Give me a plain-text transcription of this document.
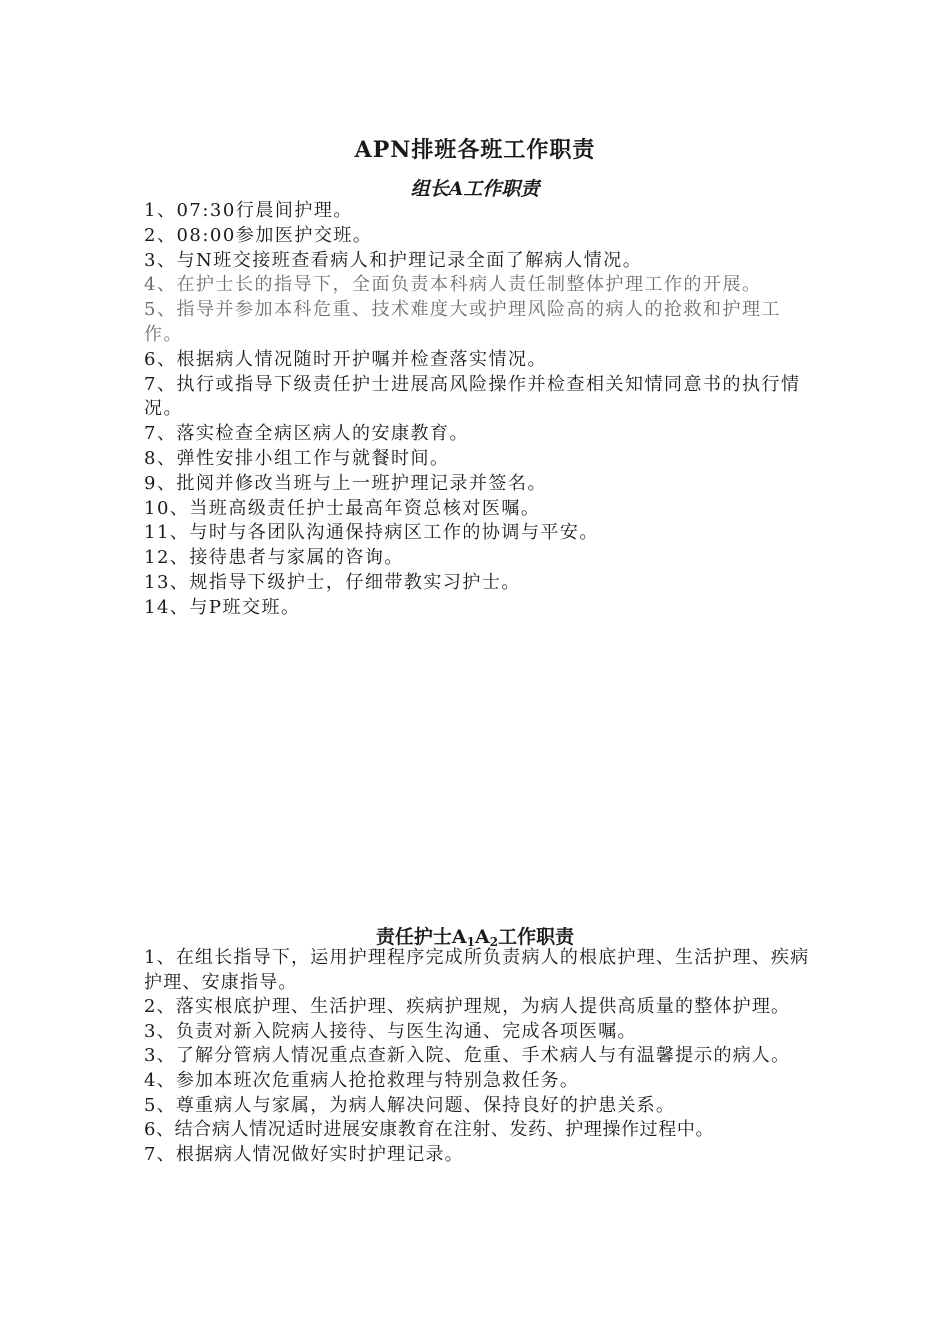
APN排班各班工作职责
组长A工作职责
1、07:30行晨间护理。
2、08:00参加医护交班。
3、与N班交接班查看病人和护理记录全面了解病人情况。
4、在护士长的指导下，全面负责本科病人责任制整体护理工作的开展。
5、指导并参加本科危重、技术难度大或护理风险高的病人的抢救和护理工作。
6、根据病人情况随时开护嘱并检查落实情况。
7、执行或指导下级责任护士进展高风险操作并检查相关知情同意书的执行情况。
7、落实检查全病区病人的安康教育。
8、弹性安排小组工作与就餐时间。
9、批阅并修改当班与上一班护理记录并签名。
10、当班高级责任护士最高年资总核对医嘱。
11、与时与各团队沟通保持病区工作的协调与平安。
12、接待患者与家属的咨询。
13、规指导下级护士，仔细带教实习护士。
14、与P班交班。
责任护士$A_1A_2$工作职责
1、在组长指导下，运用护理程序完成所负责病人的根底护理、生活护理、疾病护理、安康指导。
2、落实根底护理、生活护理、疾病护理规，为病人提供高质量的整体护理。
3、负责对新入院病人接待、与医生沟通、完成各项医嘱。
3、了解分管病人情况重点查新入院、危重、手术病人与有温馨提示的病人。
4、参加本班次危重病人抢抢救理与特别急救任务。
5、尊重病人与家属，为病人解决问题、保持良好的护患关系。
6、结合病人情况适时进展安康教育在注射、发药、护理操作过程中。
7、根据病人情况做好实时护理记录。
